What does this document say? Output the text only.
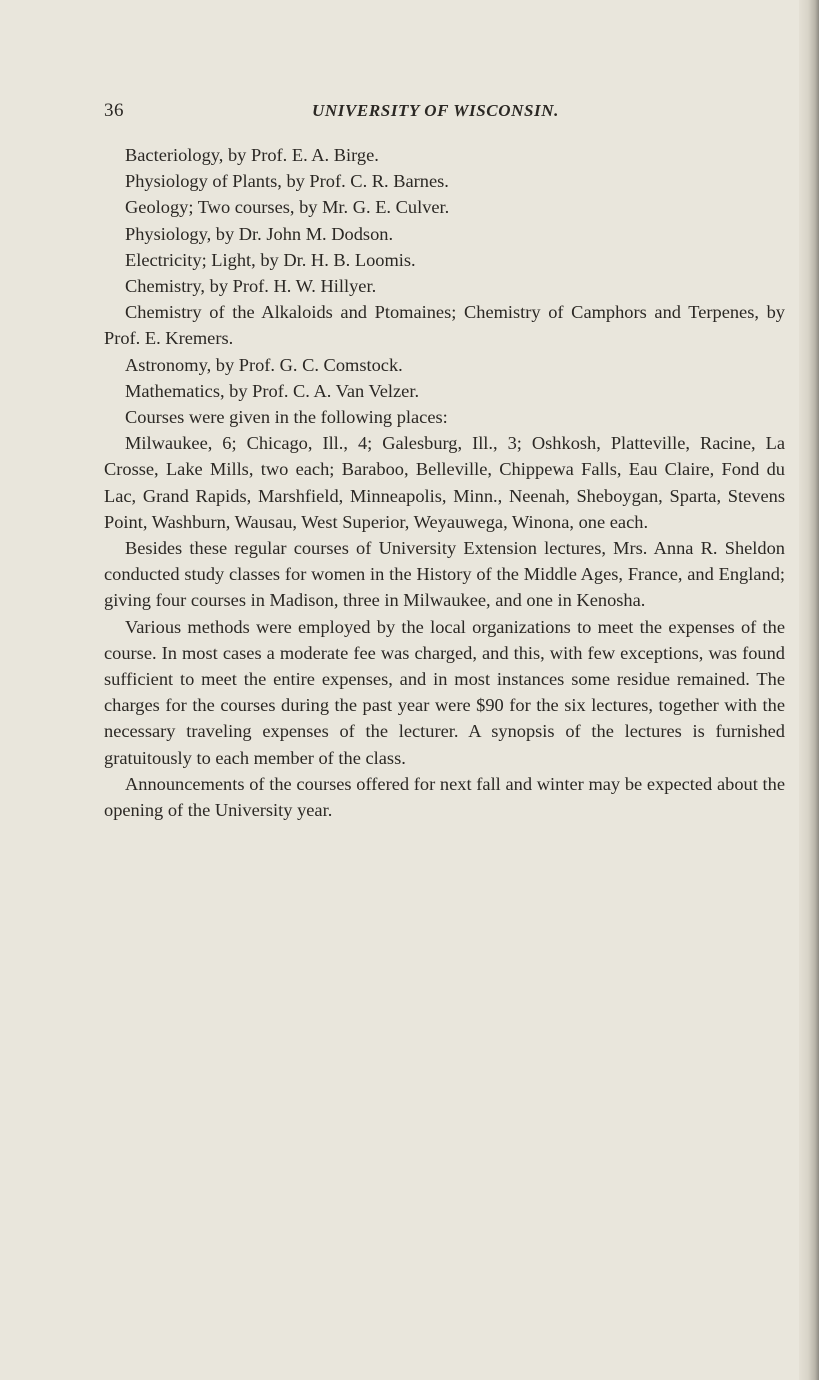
36	UNIVERSITY OF WISCONSIN.

Bacteriology, by Prof. E. A. Birge.

Physiology of Plants, by Prof. C. R. Barnes.

Geology; Two courses, by Mr. G. E. Culver.

Physiology, by Dr. John M. Dodson.

Electricity; Light, by Dr. H. B. Loomis.

Chemistry, by Prof. H. W. Hillyer.

Chemistry of the Alkaloids and Ptomaines; Chemistry of Camphors and Terpenes, by Prof. E. Kremers.

Astronomy, by Prof. G. C. Comstock.

Mathematics, by Prof. C. A. Van Velzer.

Courses were given in the following places:

Milwaukee, 6; Chicago, Ill., 4; Galesburg, Ill., 3; Oshkosh, Platteville, Racine, La Crosse, Lake Mills, two each; Baraboo, Belleville, Chippewa Falls, Eau Claire, Fond du Lac, Grand Rapids, Marshfield, Minneapolis, Minn., Neenah, Sheboygan, Sparta, Stevens Point, Washburn, Wausau, West Superior, Weyauwega, Winona, one each.

Besides these regular courses of University Extension lectures, Mrs. Anna R. Sheldon conducted study classes for women in the History of the Middle Ages, France, and England; giving four courses in Madison, three in Milwaukee, and one in Kenosha.

Various methods were employed by the local organizations to meet the expenses of the course. In most cases a moderate fee was charged, and this, with few exceptions, was found sufficient to meet the entire expenses, and in most instances some residue remained. The charges for the courses during the past year were $90 for the six lectures, together with the necessary traveling expenses of the lecturer. A synopsis of the lectures is furnished gratuitously to each member of the class.

Announcements of the courses offered for next fall and winter may be expected about the opening of the University year.
